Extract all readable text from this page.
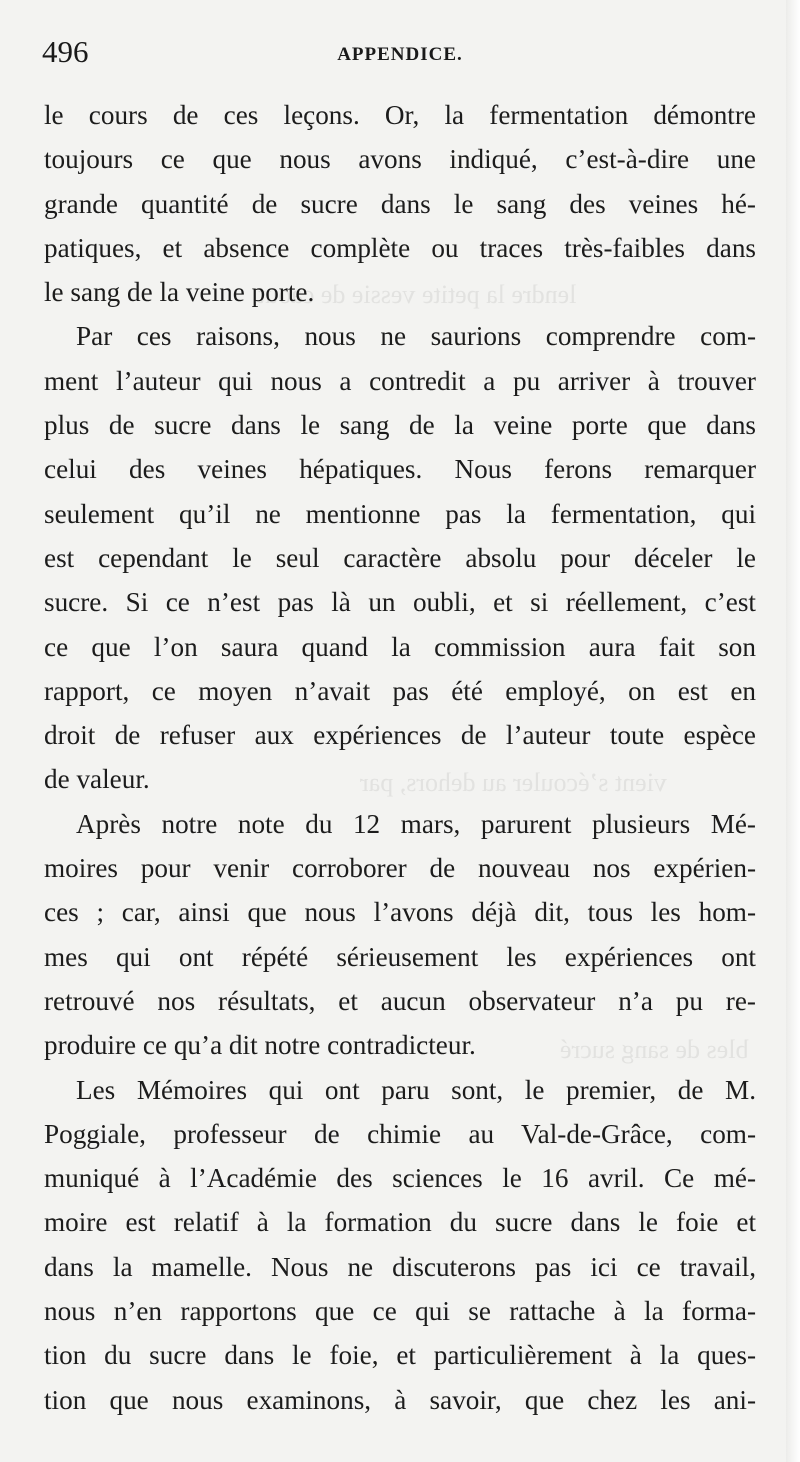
lendre la petite vessie de caout
vient s’écouler au dehors, par
bles de sang sucré
496	APPENDICE.
le cours de ces leçons. Or, la fermentation démontre
toujours ce que nous avons indiqué, c’est-à-dire une
grande quantité de sucre dans le sang des veines hé-
patiques, et absence complète ou traces très-faibles dans
le sang de la veine porte.
Par ces raisons, nous ne saurions comprendre com-
ment l’auteur qui nous a contredit a pu arriver à trouver
plus de sucre dans le sang de la veine porte que dans
celui des veines hépatiques. Nous ferons remarquer
seulement qu’il ne mentionne pas la fermentation, qui
est cependant le seul caractère absolu pour déceler le
sucre. Si ce n’est pas là un oubli, et si réellement, c’est
ce que l’on saura quand la commission aura fait son
rapport, ce moyen n’avait pas été employé, on est en
droit de refuser aux expériences de l’auteur toute espèce
de valeur.
Après notre note du 12 mars, parurent plusieurs Mé-
moires pour venir corroborer de nouveau nos expérien-
ces ; car, ainsi que nous l’avons déjà dit, tous les hom-
mes qui ont répété sérieusement les expériences ont
retrouvé nos résultats, et aucun observateur n’a pu re-
produire ce qu’a dit notre contradicteur.
Les Mémoires qui ont paru sont, le premier, de M.
Poggiale, professeur de chimie au Val-de-Grâce, com-
muniqué à l’Académie des sciences le 16 avril. Ce mé-
moire est relatif à la formation du sucre dans le foie et
dans la mamelle. Nous ne discuterons pas ici ce travail,
nous n’en rapportons que ce qui se rattache à la forma-
tion du sucre dans le foie, et particulièrement à la ques-
tion que nous examinons, à savoir, que chez les ani-
